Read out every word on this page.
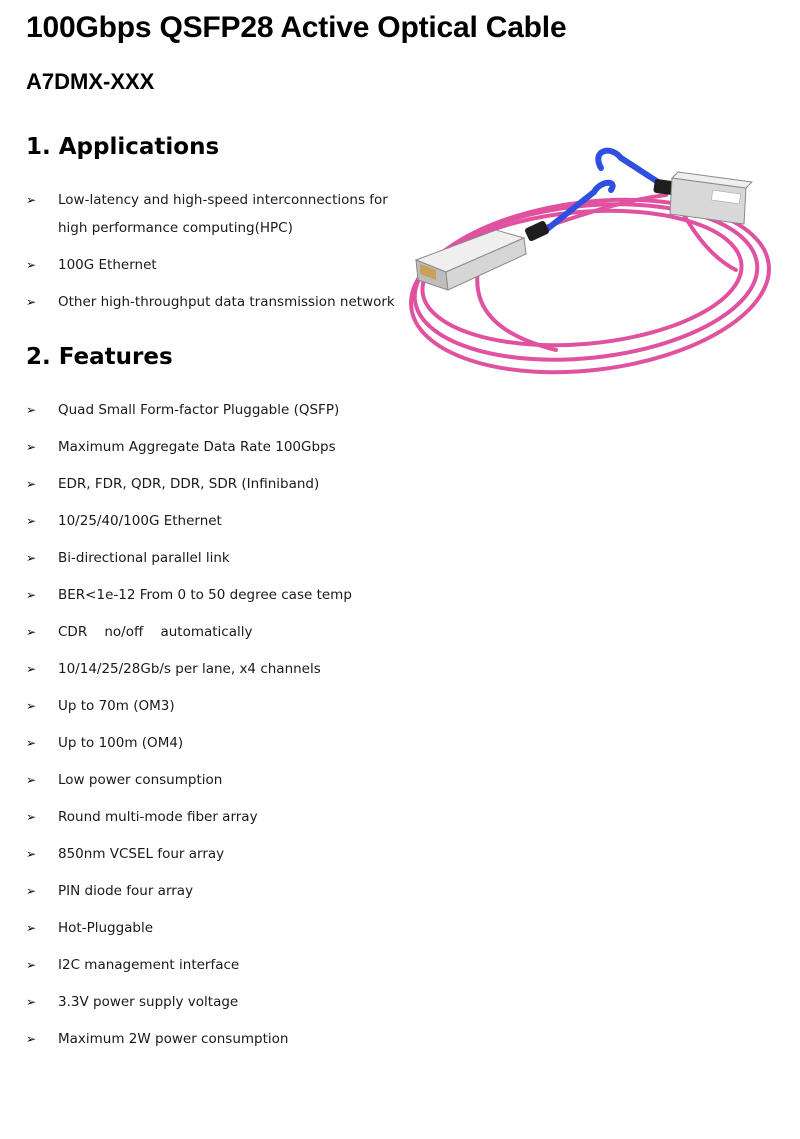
100Gbps QSFP28 Active Optical Cable
A7DMX-XXX
1. Applications
➢ Low-latency and high-speed interconnections for high performance computing(HPC)
➢ 100G Ethernet
➢ Other high-throughput data transmission network
2. Features
➢ Quad Small Form-factor Pluggable (QSFP)
➢ Maximum Aggregate Data Rate 100Gbps
➢ EDR, FDR, QDR, DDR, SDR (Infiniband)
➢ 10/25/40/100G Ethernet
➢ Bi-directional parallel link
➢ BER<1e-12 From 0 to 50 degree case temp
➢ CDR    no/off    automatically
➢ 10/14/25/28Gb/s per lane, x4 channels
➢ Up to 70m (OM3)
➢ Up to 100m (OM4)
➢ Low power consumption
➢ Round multi-mode fiber array
➢ 850nm VCSEL four array
➢ PIN diode four array
➢ Hot-Pluggable
➢ I2C management interface
➢ 3.3V power supply voltage
➢ Maximum 2W power consumption
